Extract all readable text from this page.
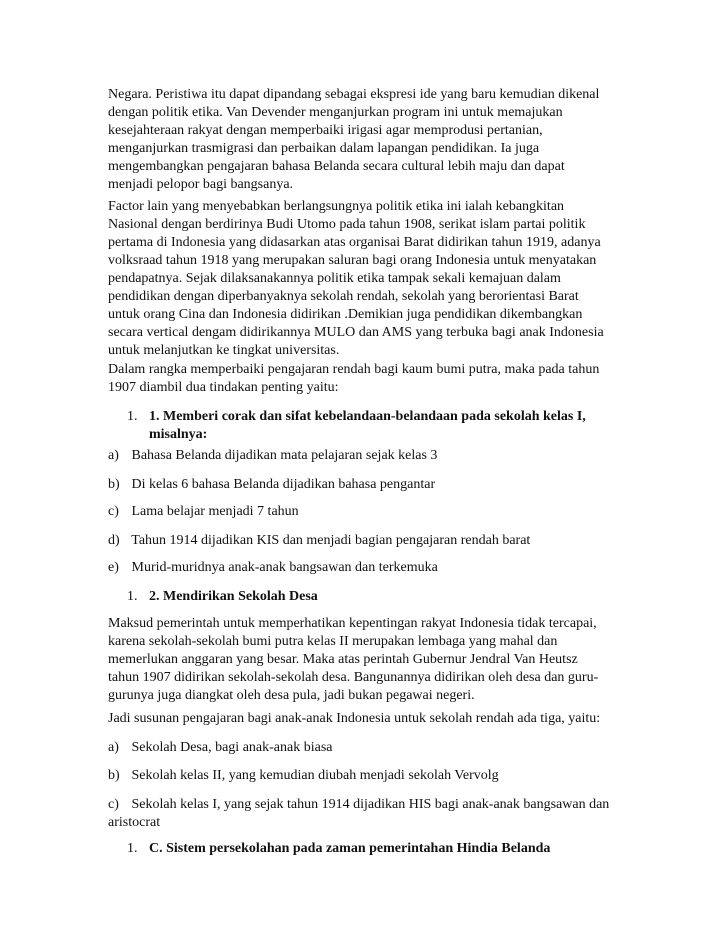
Negara. Peristiwa itu dapat dipandang sebagai ekspresi ide yang baru kemudian dikenal
dengan politik etika. Van Devender menganjurkan program ini untuk memajukan
kesejahteraan rakyat dengan memperbaiki irigasi agar memprodusi pertanian,
menganjurkan trasmigrasi dan perbaikan dalam lapangan pendidikan. Ia juga
mengembangkan pengajaran bahasa Belanda secara cultural lebih maju dan dapat
menjadi pelopor bagi bangsanya.
Factor lain yang menyebabkan berlangsungnya politik etika ini ialah kebangkitan
Nasional dengan berdirinya Budi Utomo pada tahun 1908, serikat islam partai politik
pertama di Indonesia yang didasarkan atas organisai Barat didirikan tahun 1919, adanya
volksraad tahun 1918 yang merupakan saluran bagi orang Indonesia untuk menyatakan
pendapatnya. Sejak dilaksanakannya politik etika tampak sekali kemajuan dalam
pendidikan dengan diperbanyaknya sekolah rendah, sekolah yang berorientasi Barat
untuk orang Cina dan Indonesia didirikan .Demikian juga pendidikan dikembangkan
secara vertical dengam didirikannya MULO dan AMS yang terbuka bagi anak Indonesia
untuk melanjutkan ke tingkat universitas.
Dalam rangka memperbaiki pengajaran rendah bagi kaum bumi putra, maka pada tahun
1907 diambil dua tindakan penting yaitu:
1. 1. Memberi corak dan sifat kebelandaan-belandaan pada sekolah kelas I,
misalnya:
a) Bahasa Belanda dijadikan mata pelajaran sejak kelas 3
b) Di kelas 6 bahasa Belanda dijadikan bahasa pengantar
c) Lama belajar menjadi 7 tahun
d) Tahun 1914 dijadikan KIS dan menjadi bagian pengajaran rendah barat
e) Murid-muridnya anak-anak bangsawan dan terkemuka
1. 2. Mendirikan Sekolah Desa
Maksud pemerintah untuk memperhatikan kepentingan rakyat Indonesia tidak tercapai,
karena sekolah-sekolah bumi putra kelas II merupakan lembaga yang mahal dan
memerlukan anggaran yang besar. Maka atas perintah Gubernur Jendral Van Heutsz
tahun 1907 didirikan sekolah-sekolah desa. Bangunannya didirikan oleh desa dan guru-
gurunya juga diangkat oleh desa pula, jadi bukan pegawai negeri.
Jadi susunan pengajaran bagi anak-anak Indonesia untuk sekolah rendah ada tiga, yaitu:
a) Sekolah Desa, bagi anak-anak biasa
b) Sekolah kelas II, yang kemudian diubah menjadi sekolah Vervolg
c) Sekolah kelas I, yang sejak tahun 1914 dijadikan HIS bagi anak-anak bangsawan dan
aristocrat
1. C. Sistem persekolahan pada zaman pemerintahan Hindia Belanda
